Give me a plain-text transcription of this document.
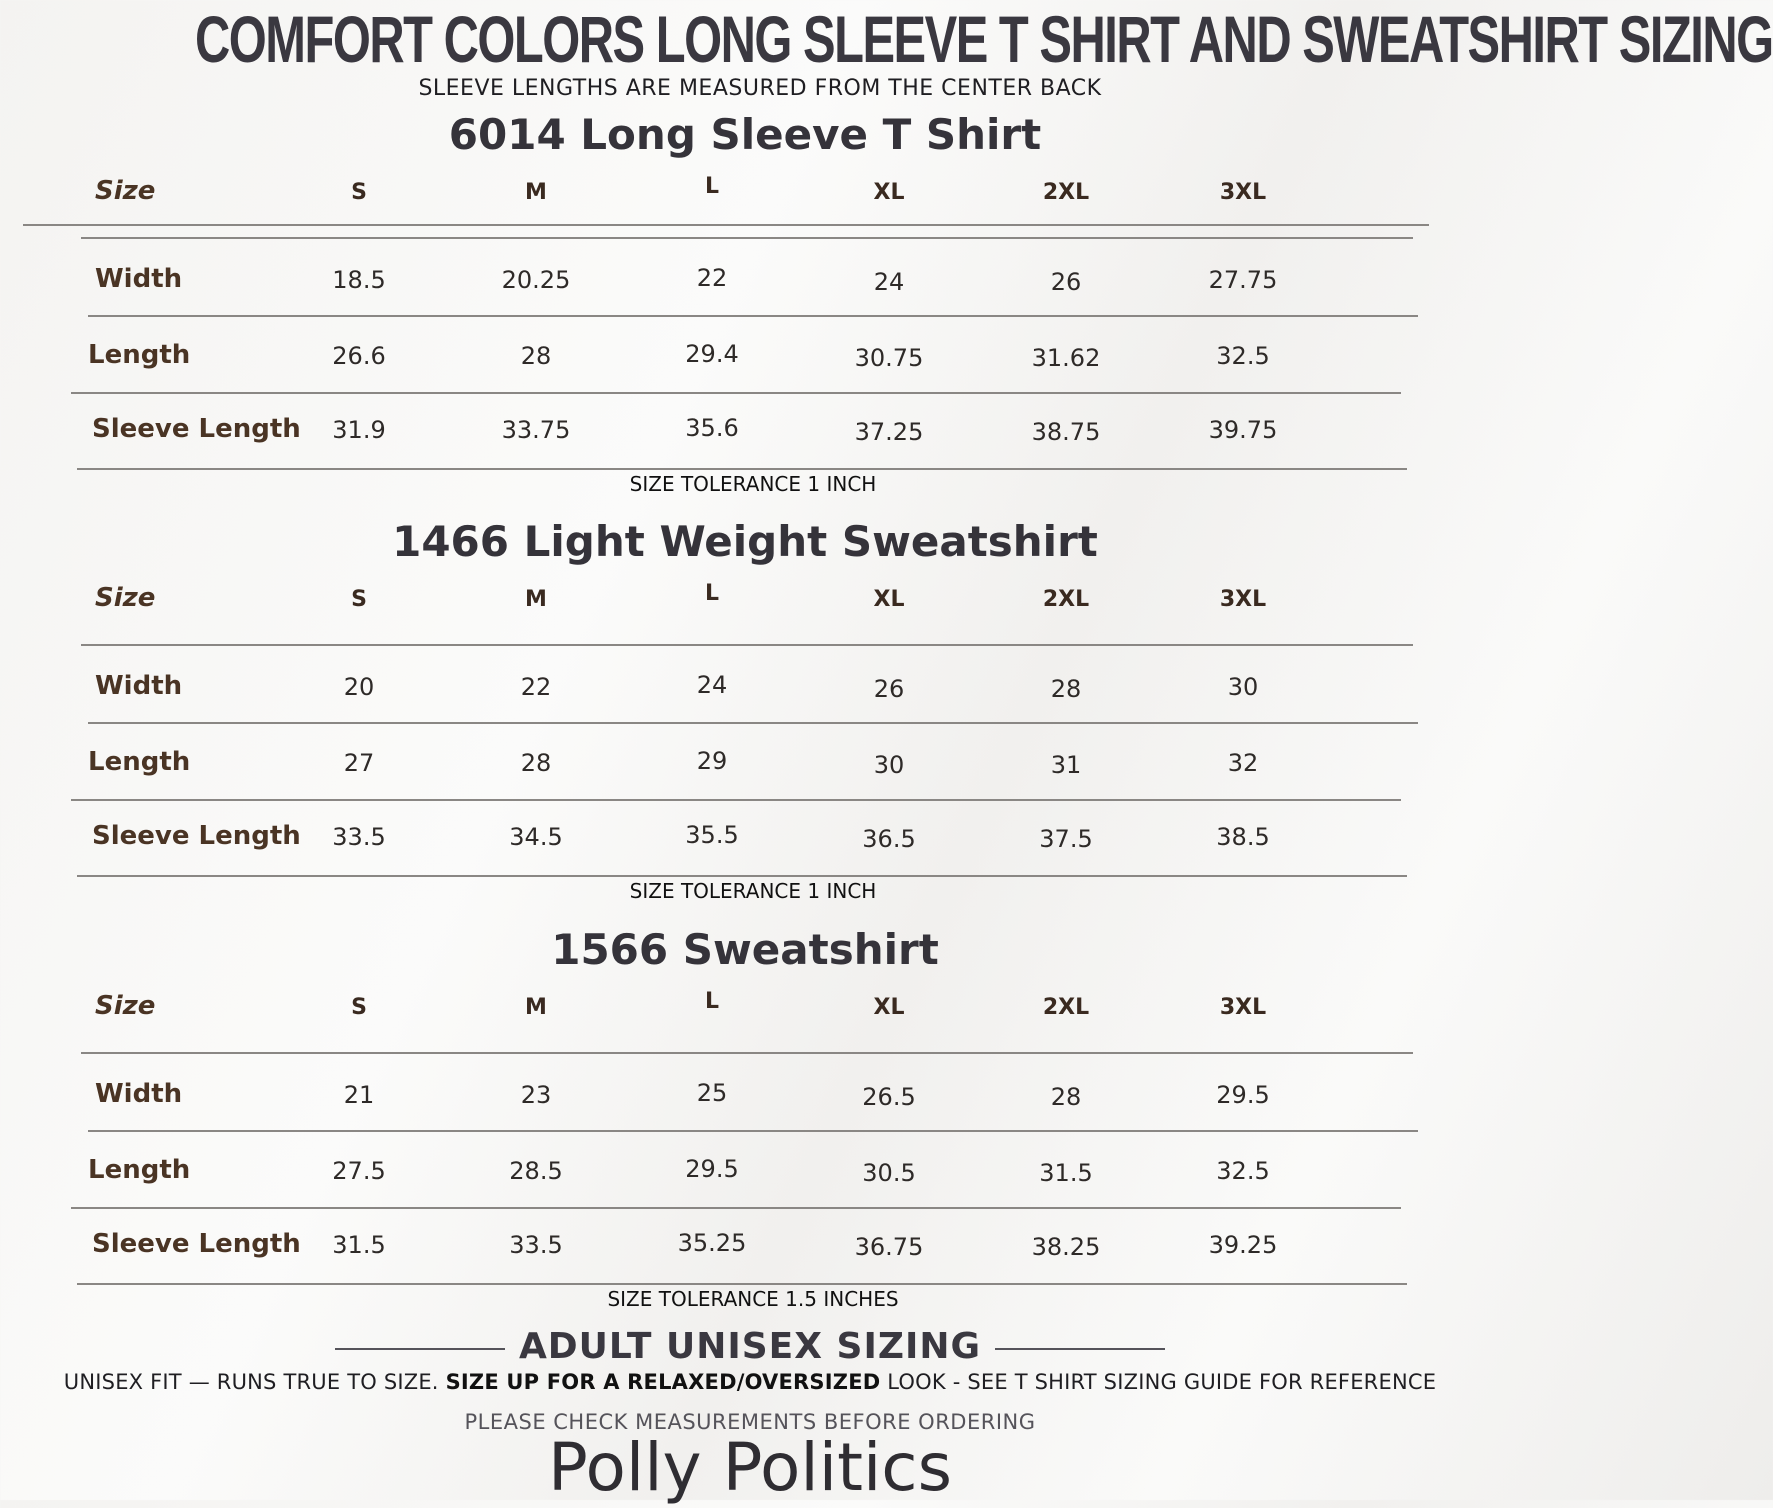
COMFORT COLORS LONG SLEEVE T SHIRT AND SWEATSHIRT SIZING
SLEEVE LENGTHS ARE MEASURED FROM THE CENTER BACK
6014 Long Sleeve T Shirt
Size	S	M	L	XL	2XL	3XL
Width	18.5	20.25	22	24	26	27.75
Length	26.6	28	29.4	30.75	31.62	32.5
Sleeve Length	31.9	33.75	35.6	37.25	38.75	39.75
SIZE TOLERANCE 1 INCH
1466 Light Weight Sweatshirt
Size	S	M	L	XL	2XL	3XL
Width	20	22	24	26	28	30
Length	27	28	29	30	31	32
Sleeve Length	33.5	34.5	35.5	36.5	37.5	38.5
SIZE TOLERANCE 1 INCH
1566 Sweatshirt
Size	S	M	L	XL	2XL	3XL
Width	21	23	25	26.5	28	29.5
Length	27.5	28.5	29.5	30.5	31.5	32.5
Sleeve Length	31.5	33.5	35.25	36.75	38.25	39.25
SIZE TOLERANCE 1.5 INCHES
ADULT UNISEX SIZING
UNISEX FIT — RUNS TRUE TO SIZE. SIZE UP FOR A RELAXED/OVERSIZED LOOK - SEE T SHIRT SIZING GUIDE FOR REFERENCE
PLEASE CHECK MEASUREMENTS BEFORE ORDERING
Polly Politics
